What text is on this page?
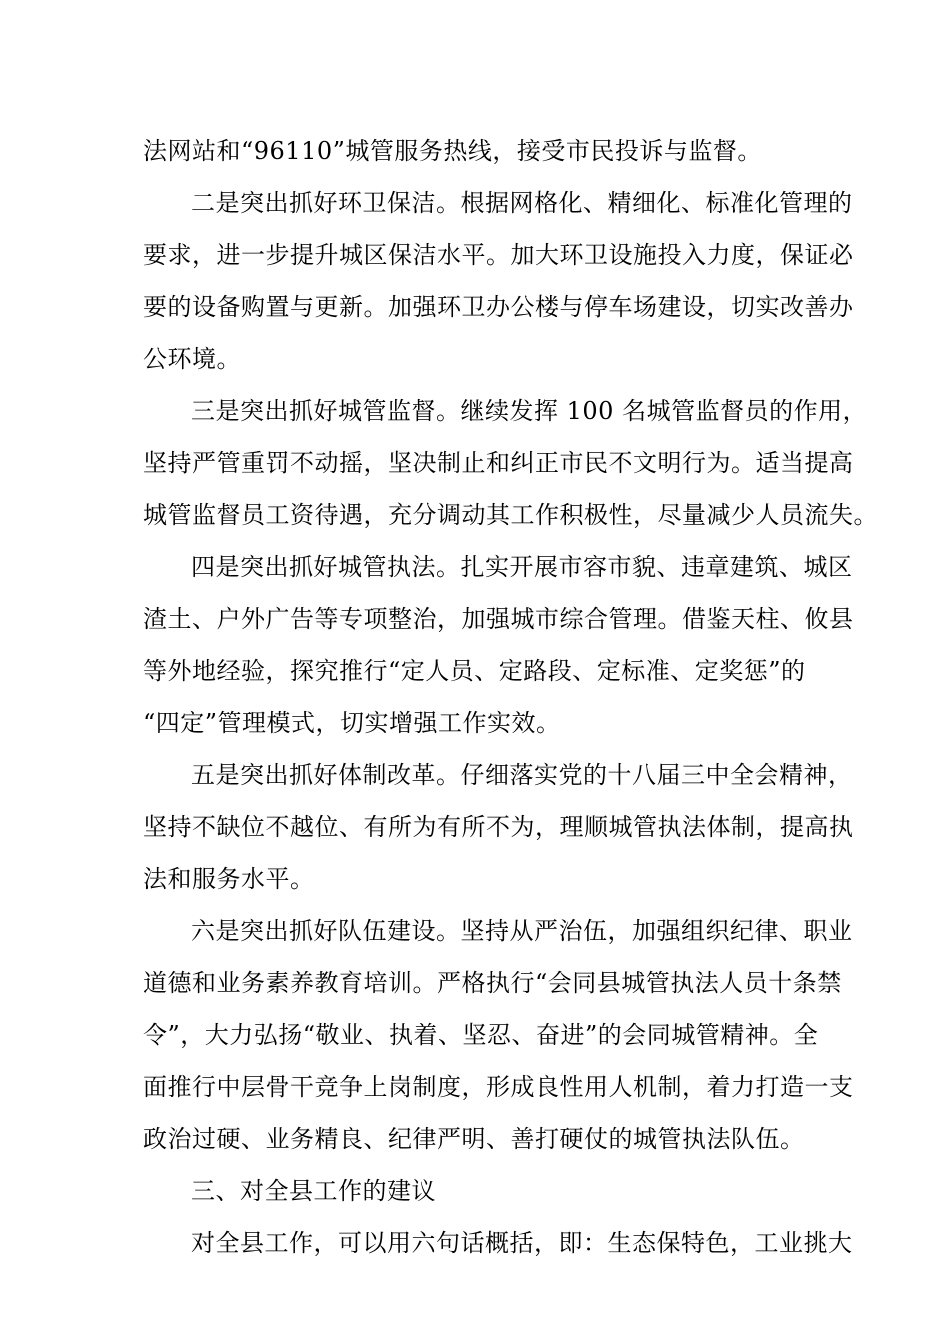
法网站和“96110”城管服务热线，接受市民投诉与监督。
二是突出抓好环卫保洁。根据网格化、精细化、标准化管理的
要求，进一步提升城区保洁水平。加大环卫设施投入力度，保证必
要的设备购置与更新。加强环卫办公楼与停车场建设，切实改善办
公环境。
三是突出抓好城管监督。继续发挥 100 名城管监督员的作用，
坚持严管重罚不动摇，坚决制止和纠正市民不文明行为。适当提高
城管监督员工资待遇，充分调动其工作积极性，尽量减少人员流失。
四是突出抓好城管执法。扎实开展市容市貌、违章建筑、城区
渣土、户外广告等专项整治，加强城市综合管理。借鉴天柱、攸县
等外地经验，探究推行“定人员、定路段、定标准、定奖惩”的
“四定”管理模式，切实增强工作实效。
五是突出抓好体制改革。仔细落实党的十八届三中全会精神，
坚持不缺位不越位、有所为有所不为，理顺城管执法体制，提高执
法和服务水平。
六是突出抓好队伍建设。坚持从严治伍，加强组织纪律、职业
道德和业务素养教育培训。严格执行“会同县城管执法人员十条禁
令”，大力弘扬“敬业、执着、坚忍、奋进”的会同城管精神。全
面推行中层骨干竞争上岗制度，形成良性用人机制，着力打造一支
政治过硬、业务精良、纪律严明、善打硬仗的城管执法队伍。
三、对全县工作的建议
对全县工作，可以用六句话概括，即：生态保特色，工业挑大
